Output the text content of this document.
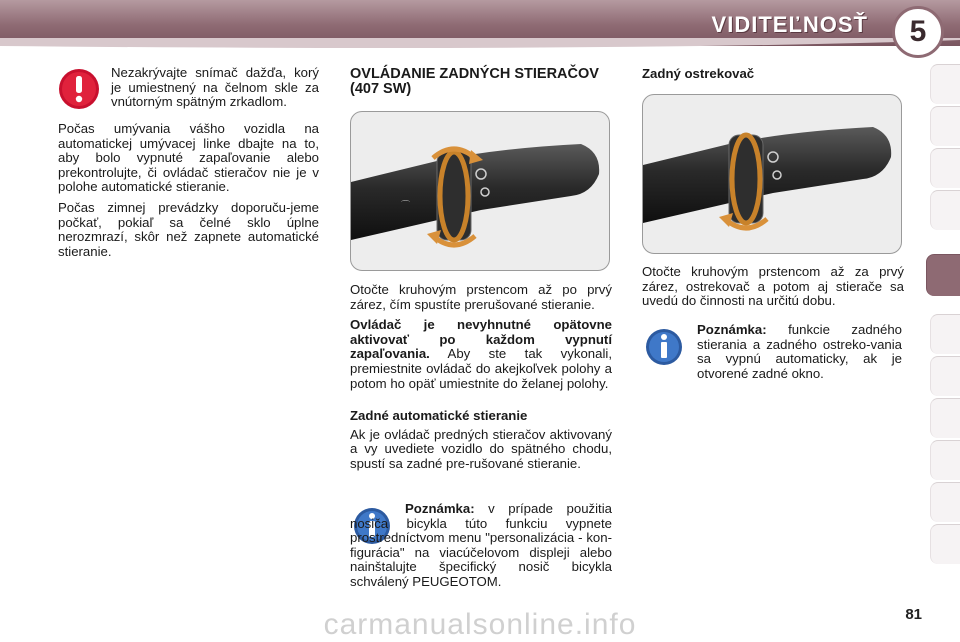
VIDITEĽNOSŤ	5

Nezakrývajte snímač dažďa, korý je umiestnený na čelnom skle za vnútorným spätným zrkadlom.

Počas umývania vášho vozidla na automatickej umývacej linke dbajte na to, aby bolo vypnuté zapaľovanie alebo prekontrolujte, či ovládač stieračov nie je v polohe automatické stieranie.

Počas zimnej prevádzky doporuču-jeme počkať, pokiaľ sa čelné sklo úplne nerozmrazí, skôr než zapnete automatické stieranie.

OVLÁDANIE ZADNÝCH STIERAČOV (407 SW)
⌒

Otočte kruhovým prstencom až po prvý zárez, čím spustíte prerušované stieranie.

Ovládač je nevyhnutné opätovne aktivovať po každom vypnutí zapaľovania. Aby ste tak vykonali, premiestnite ovládač do akejkoľvek polohy a potom ho opäť umiestnite do želanej polohy.

Zadné automatické stieranie

Ak je ovládač predných stieračov aktivovaný a vy uvediete vozidlo do spätného chodu, spustí sa zadné pre-rušované stieranie.

Poznámka: v prípade použitia nosiča bicykla túto funkciu vypnete prostredníctvom menu "personalizácia - kon-figurácia" na viacúčelovom displeji alebo nainštalujte špecifický nosič bicykla schválený PEUGEOTOM.

Zadný ostrekovač

Otočte kruhovým prstencom až za prvý zárez, ostrekovač a potom aj stierače sa uvedú do činnosti na určitú dobu.

Poznámka: funkcie zadného stierania a zadného ostreko-vania sa vypnú automaticky, ak je otvorené zadné okno.

81
carmanualsonline.info
